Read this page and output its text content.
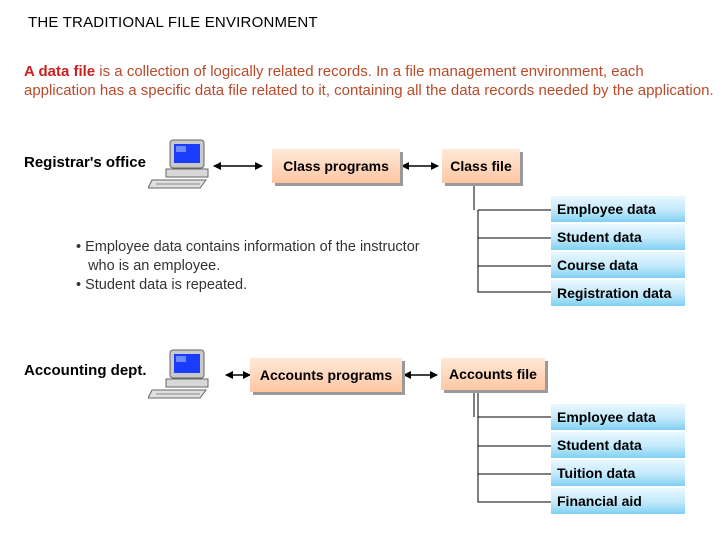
THE TRADITIONAL FILE ENVIRONMENT
A data file is a collection of logically related records. In a file management environment, each application has a specific data file related to it, containing all the data records needed by the application.
Registrar's office	Class programs	Class file
Employee data
Student data
Course data
Registration data
• Employee data contains information of the instructor
who is an employee.
• Student data is repeated.
Accounting dept.	Accounts programs	Accounts file
Employee data
Student data
Tuition data
Financial aid
